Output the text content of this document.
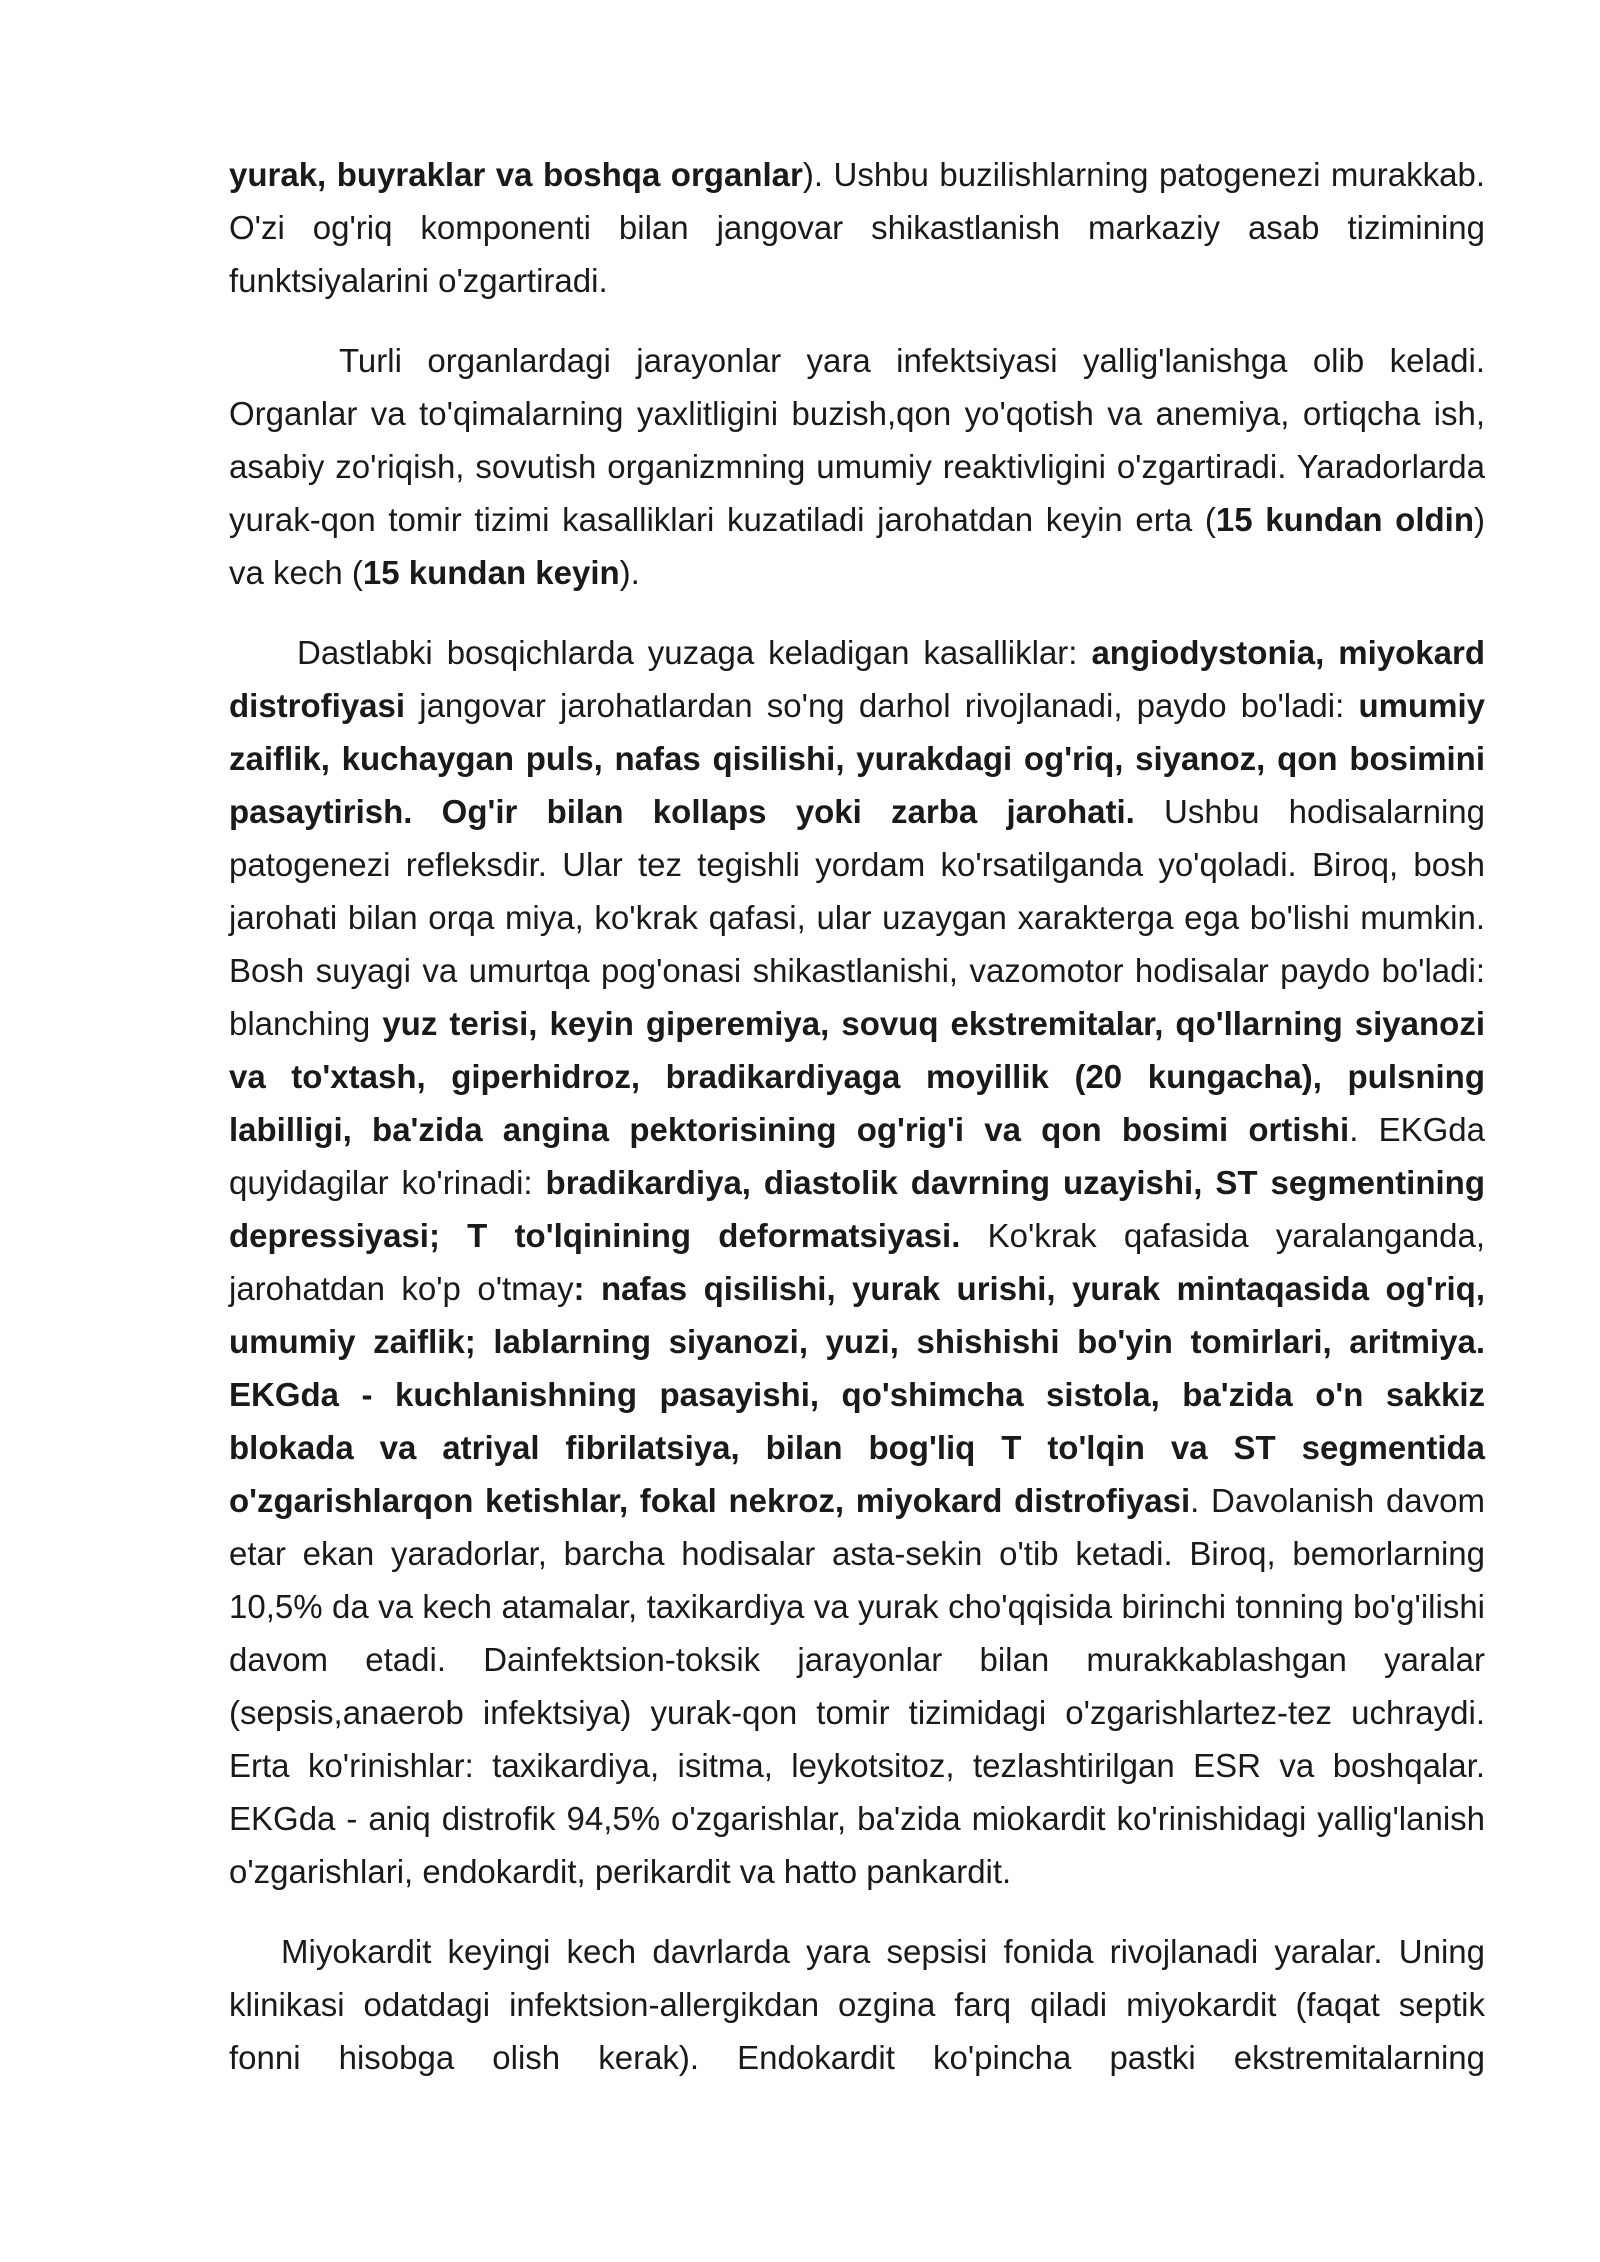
yurak, buyraklar va boshqa organlar). Ushbu buzilishlarning patogenezi murakkab. O'zi og'riq komponenti bilan jangovar shikastlanish markaziy asab tizimining funktsiyalarini o'zgartiradi.

Turli organlardagi jarayonlar yara infektsiyasi yallig'lanishga olib keladi. Organlar va to'qimalarning yaxlitligini buzish,qon yo'qotish va anemiya, ortiqcha ish, asabiy zo'riqish, sovutish organizmning umumiy reaktivligini o'zgartiradi. Yaradorlarda yurak-qon tomir tizimi kasalliklari kuzatiladi jarohatdan keyin erta (15 kundan oldin) va kech (15 kundan keyin).

Dastlabki bosqichlarda yuzaga keladigan kasalliklar: angiodystonia, miyokard distrofiyasi jangovar jarohatlardan so'ng darhol rivojlanadi, paydo bo'ladi: umumiy zaiflik, kuchaygan puls, nafas qisilishi, yurakdagi og'riq, siyanoz, qon bosimini pasaytirish. Og'ir bilan kollaps yoki zarba jarohati. Ushbu hodisalarning patogenezi refleksdir. Ular tez tegishli yordam ko'rsatilganda yo'qoladi. Biroq, bosh jarohati bilan orqa miya, ko'krak qafasi, ular uzaygan xarakterga ega bo'lishi mumkin. Bosh suyagi va umurtqa pog'onasi shikastlanishi, vazomotor hodisalar paydo bo'ladi: blanching yuz terisi, keyin giperemiya, sovuq ekstremitalar, qo'llarning siyanozi va to'xtash, giperhidroz, bradikardiyaga moyillik (20 kungacha), pulsning labilligi, ba'zida angina pektorisining og'rig'i va qon bosimi ortishi. EKGda quyidagilar ko'rinadi: bradikardiya, diastolik davrning uzayishi, ST segmentining depressiyasi; T to'lqinining deformatsiyasi. Ko'krak qafasida yaralanganda, jarohatdan ko'p o'tmay: nafas qisilishi, yurak urishi, yurak mintaqasida og'riq, umumiy zaiflik; lablarning siyanozi, yuzi, shishishi bo'yin tomirlari, aritmiya. EKGda - kuchlanishning pasayishi, qo'shimcha sistola, ba'zida o'n sakkiz blokada va atriyal fibrilatsiya, bilan bog'liq T to'lqin va ST segmentida o'zgarishlarqon ketishlar, fokal nekroz, miyokard distrofiyasi. Davolanish davom etar ekan yaradorlar, barcha hodisalar asta-sekin o'tib ketadi. Biroq, bemorlarning 10,5% da va kech atamalar, taxikardiya va yurak cho'qqisida birinchi tonning bo'g'ilishi davom etadi. Dainfektsion-toksik jarayonlar bilan murakkablashgan yaralar (sepsis,anaerob infektsiya) yurak-qon tomir tizimidagi o'zgarishlartez-tez uchraydi. Erta ko'rinishlar: taxikardiya, isitma, leykotsitoz, tezlashtirilgan ESR va boshqalar. EKGda - aniq distrofik 94,5% o'zgarishlar, ba'zida miokardit ko'rinishidagi yallig'lanish o'zgarishlari, endokardit, perikardit va hatto pankardit.

Miyokardit keyingi kech davrlarda yara sepsisi fonida rivojlanadi yaralar. Uning klinikasi odatdagi infektsion-allergikdan ozgina farq qiladi miyokardit (faqat septik fonni hisobga olish kerak). Endokardit ko'pincha pastki ekstremitalarning
